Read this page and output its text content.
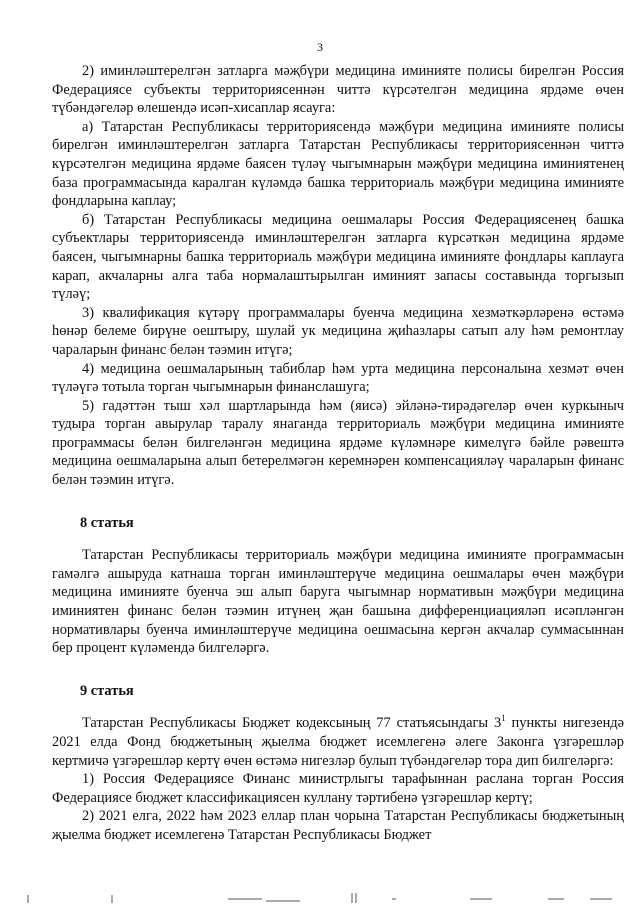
3

2) иминләштерелгән затларга мәҗбүри медицина иминияте полисы бирелгән Россия Федерациясе субъекты территориясеннән читтә күрсәтелгән медицина ярдәме өчен түбәндәгеләр өлешендә исәп-хисаплар ясауга:

а) Татарстан Республикасы территориясендә мәҗбүри медицина иминияте полисы бирелгән иминләштерелгән затларга Татарстан Республикасы территориясеннән читтә күрсәтелгән медицина ярдәме баясен түләү чыгымнарын мәҗбүри медицина иминиятенең база программасында каралган күләмдә башка территориаль мәҗбүри медицина иминияте фондларына каплау;

б) Татарстан Республикасы медицина оешмалары Россия Федерациясенең башка субъектлары территориясендә иминләштерелгән затларга күрсәткән медицина ярдәме баясен, чыгымнарны башка территориаль мәҗбүри медицина иминияте фондлары каплауга карап, акчаларны алга таба нормалаштырылган иминият запасы составында торгызып түләү;

3) квалификация күтәрү программалары буенча медицина хезмәткәрләренә өстәмә һөнәр белеме бирүне оештыру, шулай ук медицина җиһазлары сатып алу һәм ремонтлау чараларын финанс белән тәэмин итүгә;

4) медицина оешмаларының табиблар һәм урта медицина персоналына хезмәт өчен түләүгә тотыла торган чыгымнарын финанслашуга;

5) гадәттән тыш хәл шартларында һәм (яисә) эйләнә-тирәдәгеләр өчен куркыныч тудыра торган авырулар таралу янаганда территориаль мәҗбүри медицина иминияте программасы белән билгеләнгән медицина ярдәме күләмнәре кимелүгә бәйле рәвештә медицина оешмаларына алып бетерелмәгән керемнәрен компенсацияләү чараларын финанс белән тәэмин итүгә.

8 статья

Татарстан Республикасы территориаль мәҗбүри медицина иминияте программасын гамәлгә ашыруда катнаша торган иминләштерүче медицина оешмалары өчен мәҗбүри медицина иминияте буенча эш алып баруга чыгымнар нормативын мәҗбүри медицина иминиятен финанс белән тәэмин итүнең җан башына дифференциацияләп исәпләнгән нормативлары буенча иминләштерүче медицина оешмасына кергән акчалар суммасыннан бер процент күләмендә билгеләргә.

9 статья

Татарстан Республикасы Бюджет кодексының 77 статьясындагы $3^1$ пункты нигезендә 2021 елда Фонд бюджетының җыелма бюджет исемлегенә әлеге Законга үзгәрешләр кертмичә үзгәрешләр кертү өчен өстәмә нигезләр булып түбәндәгеләр тора дип билгеләргә:

1) Россия Федерациясе Финанс министрлыгы тарафыннан раслана торган Россия Федерациясе бюджет классификациясен куллану тәртибенә үзгәрешләр кертү;

2) 2021 елга, 2022 һәм 2023 еллар план чорына Татарстан Республикасы бюджетының җыелма бюджет исемлегенә Татарстан Республикасы Бюджет
